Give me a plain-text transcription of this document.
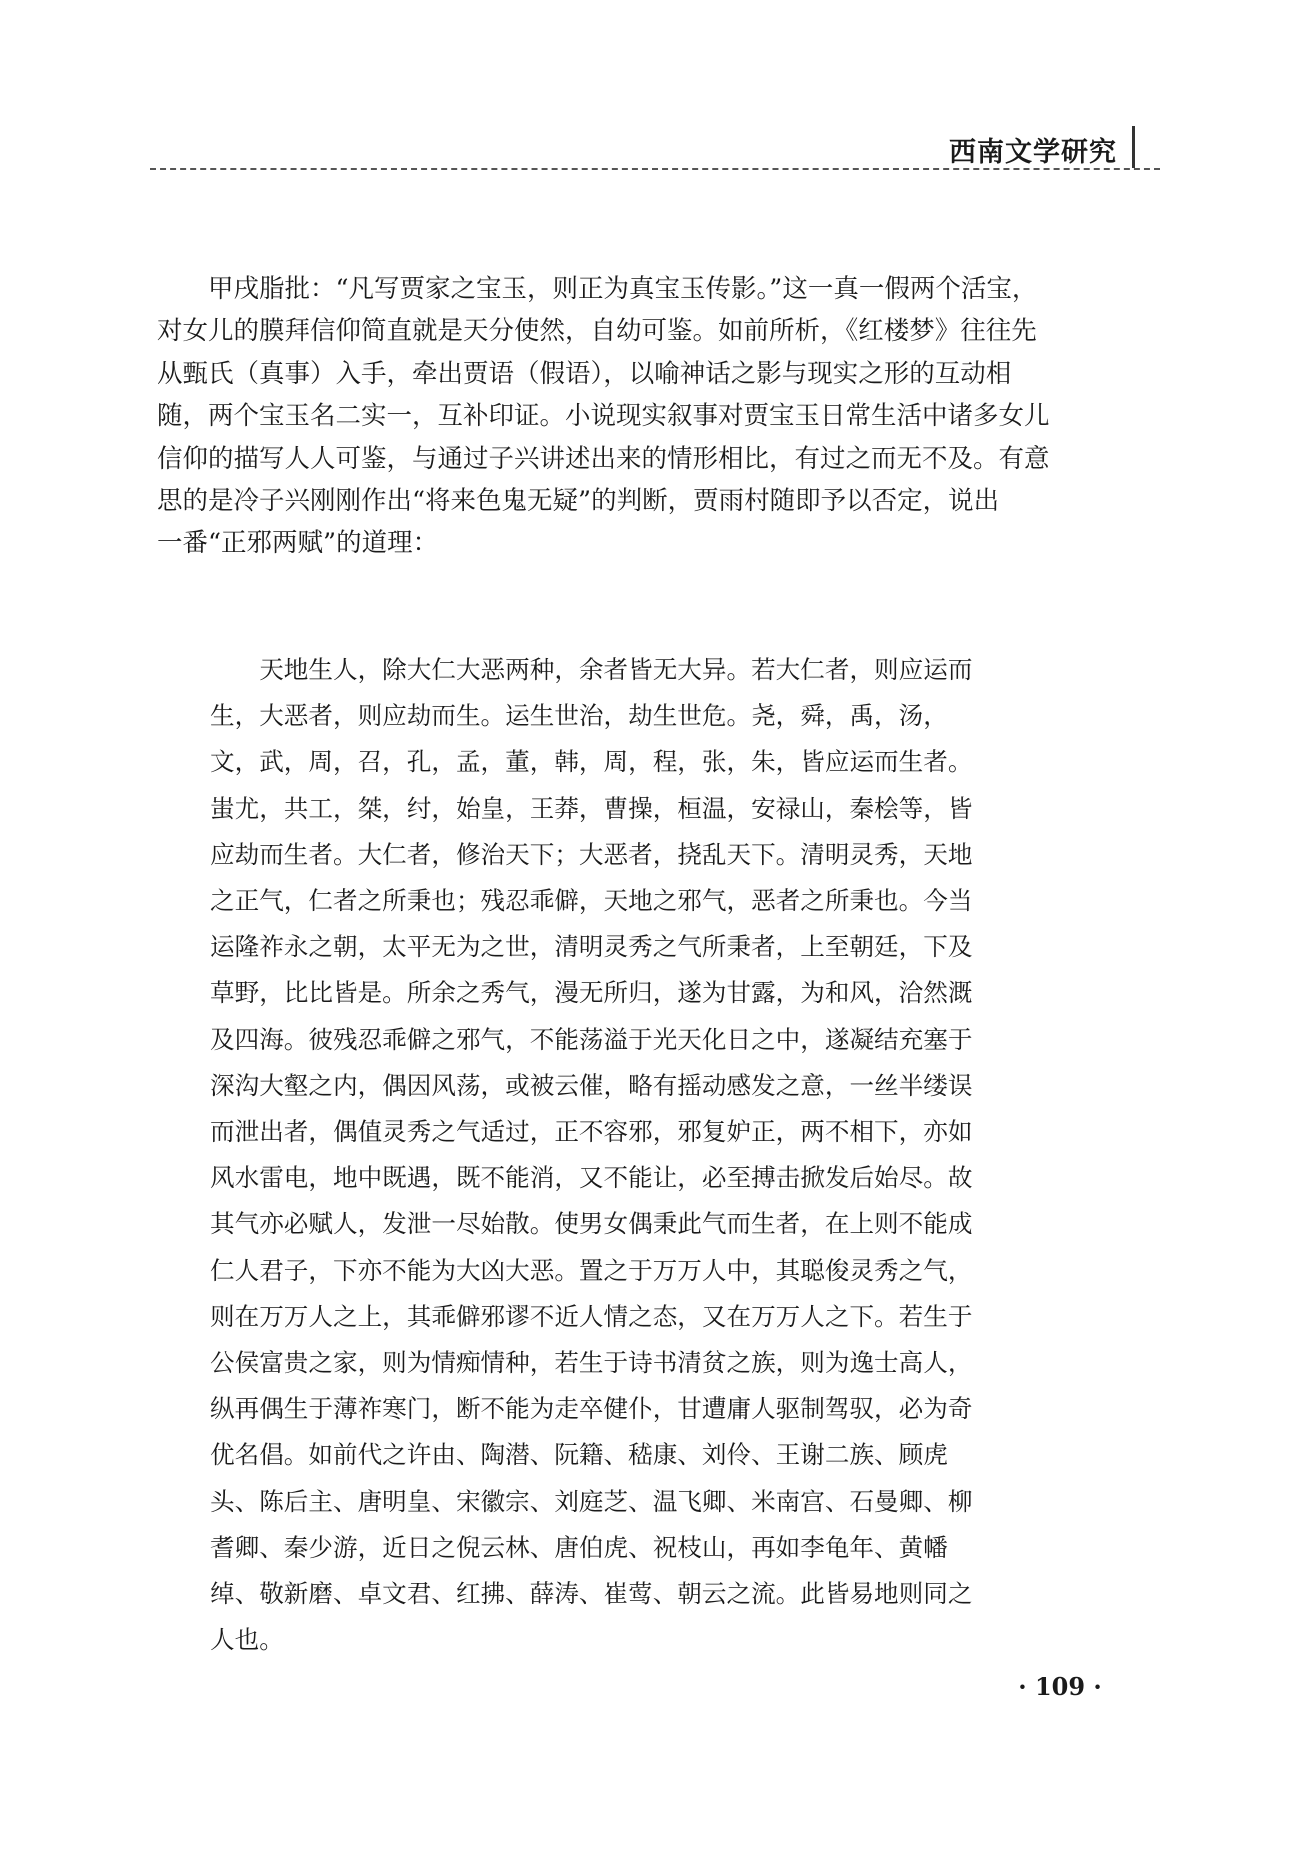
西南文学研究
　　甲戌脂批：“凡写贾家之宝玉，则正为真宝玉传影。”这一真一假两个活宝，
对女儿的膜拜信仰简直就是天分使然，自幼可鉴。如前所析，《红楼梦》往往先
从甄氏（真事）入手，牵出贾语（假语），以喻神话之影与现实之形的互动相
随，两个宝玉名二实一，互补印证。小说现实叙事对贾宝玉日常生活中诸多女儿
信仰的描写人人可鉴，与通过子兴讲述出来的情形相比，有过之而无不及。有意
思的是冷子兴刚刚作出“将来色鬼无疑”的判断，贾雨村随即予以否定，说出
一番“正邪两赋”的道理：
　　天地生人，除大仁大恶两种，余者皆无大异。若大仁者，则应运而
生，大恶者，则应劫而生。运生世治，劫生世危。尧，舜，禹，汤，
文，武，周，召，孔，孟，董，韩，周，程，张，朱，皆应运而生者。
蚩尤，共工，桀，纣，始皇，王莽，曹操，桓温，安禄山，秦桧等，皆
应劫而生者。大仁者，修治天下；大恶者，挠乱天下。清明灵秀，天地
之正气，仁者之所秉也；残忍乖僻，天地之邪气，恶者之所秉也。今当
运隆祚永之朝，太平无为之世，清明灵秀之气所秉者，上至朝廷，下及
草野，比比皆是。所余之秀气，漫无所归，遂为甘露，为和风，洽然溉
及四海。彼残忍乖僻之邪气，不能荡溢于光天化日之中，遂凝结充塞于
深沟大壑之内，偶因风荡，或被云催，略有摇动感发之意，一丝半缕误
而泄出者，偶值灵秀之气适过，正不容邪，邪复妒正，两不相下，亦如
风水雷电，地中既遇，既不能消，又不能让，必至搏击掀发后始尽。故
其气亦必赋人，发泄一尽始散。使男女偶秉此气而生者，在上则不能成
仁人君子，下亦不能为大凶大恶。置之于万万人中，其聪俊灵秀之气，
则在万万人之上，其乖僻邪谬不近人情之态，又在万万人之下。若生于
公侯富贵之家，则为情痴情种，若生于诗书清贫之族，则为逸士高人，
纵再偶生于薄祚寒门，断不能为走卒健仆，甘遭庸人驱制驾驭，必为奇
优名倡。如前代之许由、陶潜、阮籍、嵇康、刘伶、王谢二族、顾虎
头、陈后主、唐明皇、宋徽宗、刘庭芝、温飞卿、米南宫、石曼卿、柳
耆卿、秦少游，近日之倪云林、唐伯虎、祝枝山，再如李龟年、黄幡
绰、敬新磨、卓文君、红拂、薛涛、崔莺、朝云之流。此皆易地则同之
人也。
· 109 ·
